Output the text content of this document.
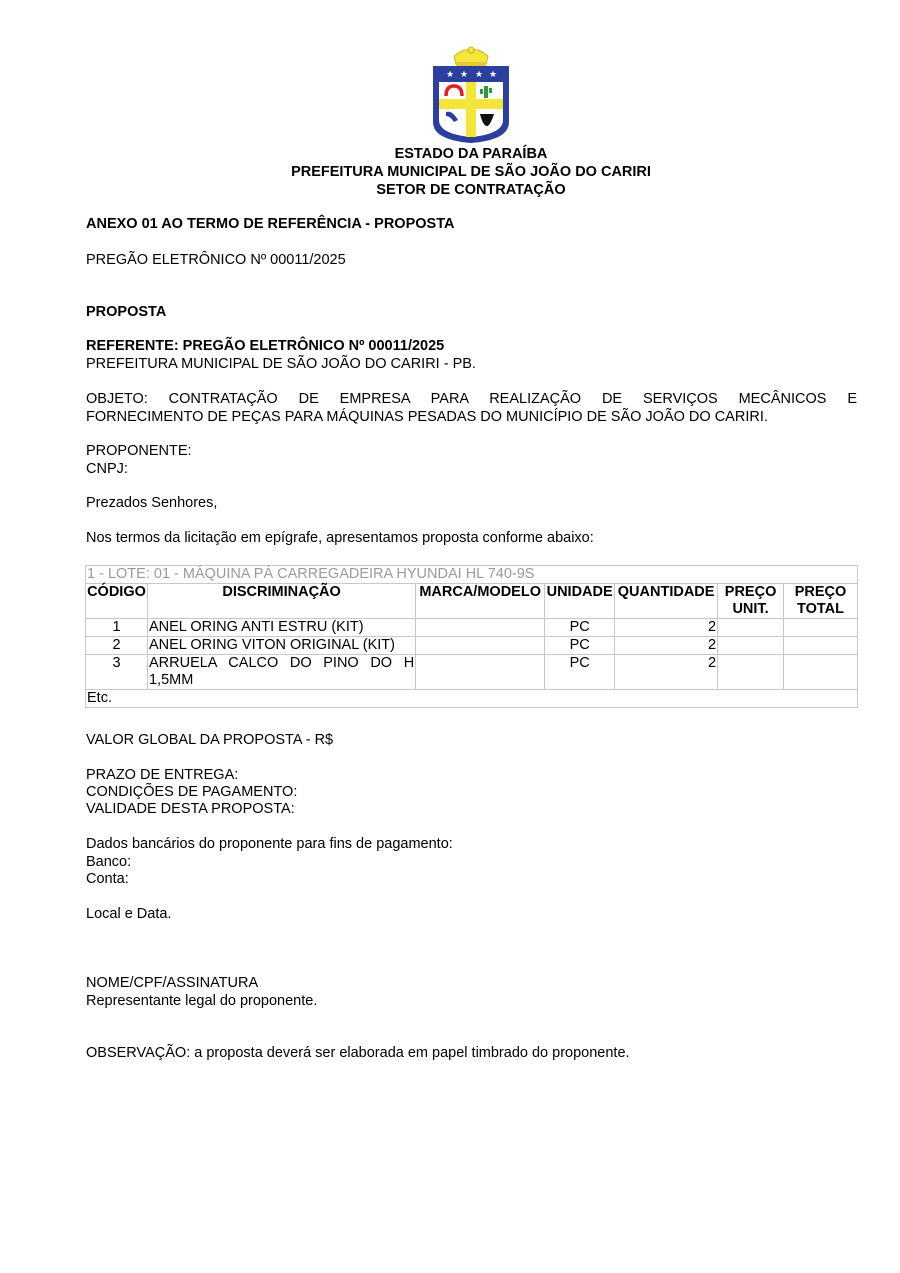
★ ★ ★ ★
ESTADO DA PARAÍBA
PREFEITURA MUNICIPAL DE SÃO JOÃO DO CARIRI
SETOR DE CONTRATAÇÃO
ANEXO 01 AO TERMO DE REFERÊNCIA - PROPOSTA
PREGÃO ELETRÔNICO Nº 00011/2025
PROPOSTA
REFERENTE: PREGÃO ELETRÔNICO Nº 00011/2025
PREFEITURA MUNICIPAL DE SÃO JOÃO DO CARIRI - PB.
OBJETO: CONTRATAÇÃO DE EMPRESA PARA REALIZAÇÃO DE SERVIÇOS MECÂNICOS E
FORNECIMENTO DE PEÇAS PARA MÁQUINAS PESADAS DO MUNICÍPIO DE SÃO JOÃO DO CARIRI.
PROPONENTE:
CNPJ:
Prezados Senhores,
Nos termos da licitação em epígrafe, apresentamos proposta conforme abaixo:
1 - LOTE: 01 - MÁQUINA PÁ CARREGADEIRA HYUNDAI HL 740-9S						
CÓDIGO	DISCRIMINAÇÃO	MARCA/MODELO	UNIDADE	QUANTIDADE	PREÇO UNIT.	PREÇO TOTAL
1	ANEL ORING ANTI ESTRU (KIT)		PC	2		
2	ANEL ORING VITON ORIGINAL (KIT)		PC	2		
3	ARRUELA CALCO DO PINO DO H 1,5MM		PC	2		
Etc.						
VALOR GLOBAL DA PROPOSTA - R$
PRAZO DE ENTREGA:
CONDIÇÕES DE PAGAMENTO:
VALIDADE DESTA PROPOSTA:
Dados bancários do proponente para fins de pagamento:
Banco:
Conta:
Local e Data.
NOME/CPF/ASSINATURA
Representante legal do proponente.
OBSERVAÇÃO: a proposta deverá ser elaborada em papel timbrado do proponente.
